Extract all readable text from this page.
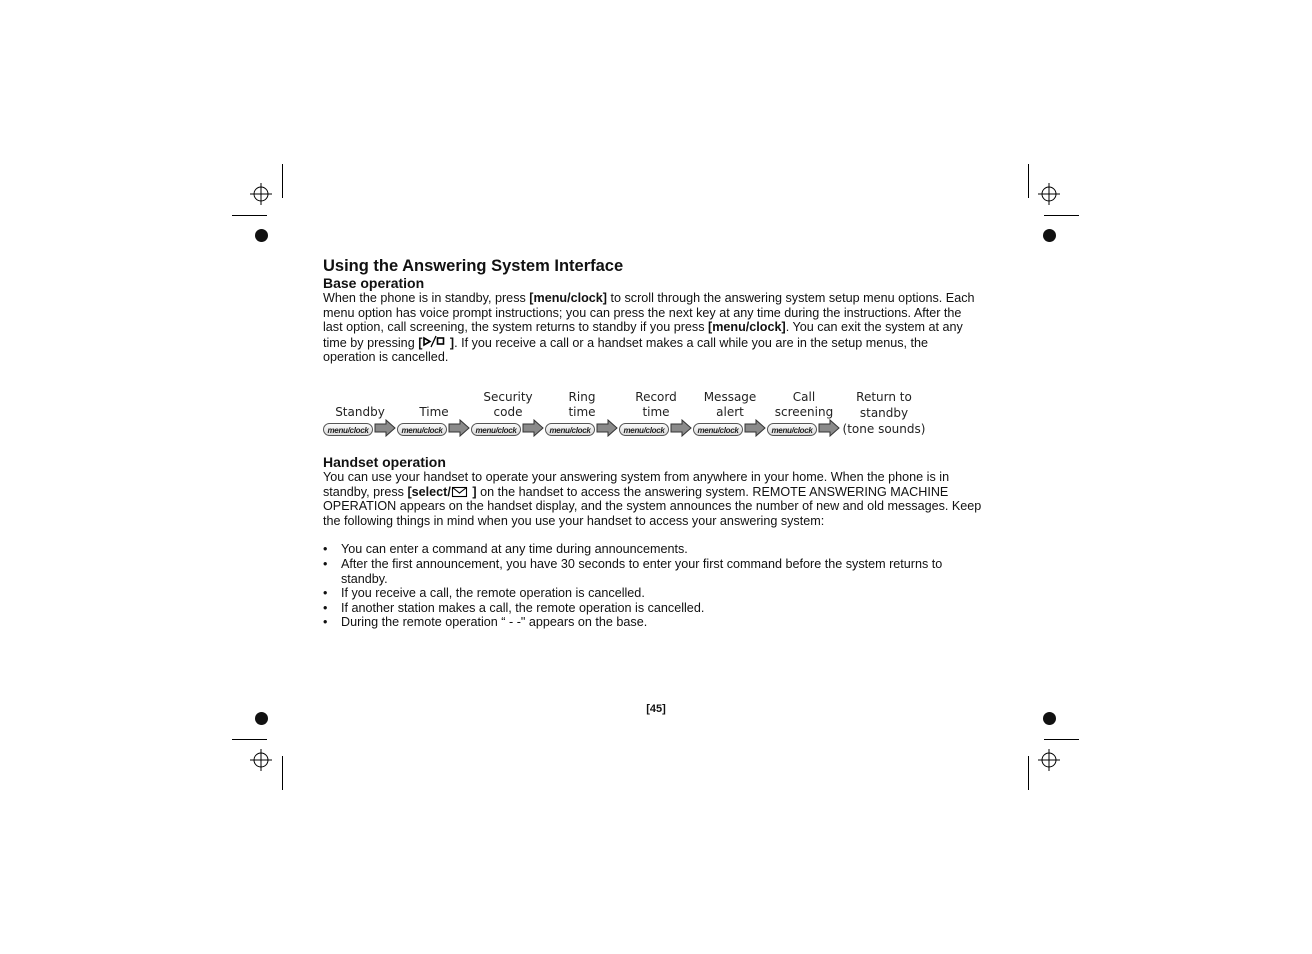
Using the Answering System Interface
Base operation

When the phone is in standby, press [menu/clock] to scroll through the answering system setup menu options. Each menu option has voice prompt instructions; you can press the next key at any time during the instructions. After the last option, call screening, the system returns to standby if you press [menu/clock]. You can exit the system at any time by pressing [ ]. If you receive a call or a handset makes a call while you are in the setup menus, the operation is cancelled.

Standby
menu/clock
Time
menu/clock
Security
code
menu/clock
Ring
time
menu/clock
Record
time
menu/clock
Message
alert
menu/clock
Call
screening
menu/clock
Return to
standby
(tone sounds)
Handset operation

You can use your handset to operate your answering system from anywhere in your home. When the phone is in standby, press [select/ ] on the handset to access the answering system. REMOTE ANSWERING MACHINE OPERATION appears on the handset display, and the system announces the number of new and old messages. Keep the following things in mind when you use your handset to access your answering system:

• You can enter a command at any time during announcements.
• After the first announcement, you have 30 seconds to enter your first command before the system returns to standby.
• If you receive a call, the remote operation is cancelled.
• If another station makes a call, the remote operation is cancelled.
• During the remote operation “ - -" appears on the base.
[45]
